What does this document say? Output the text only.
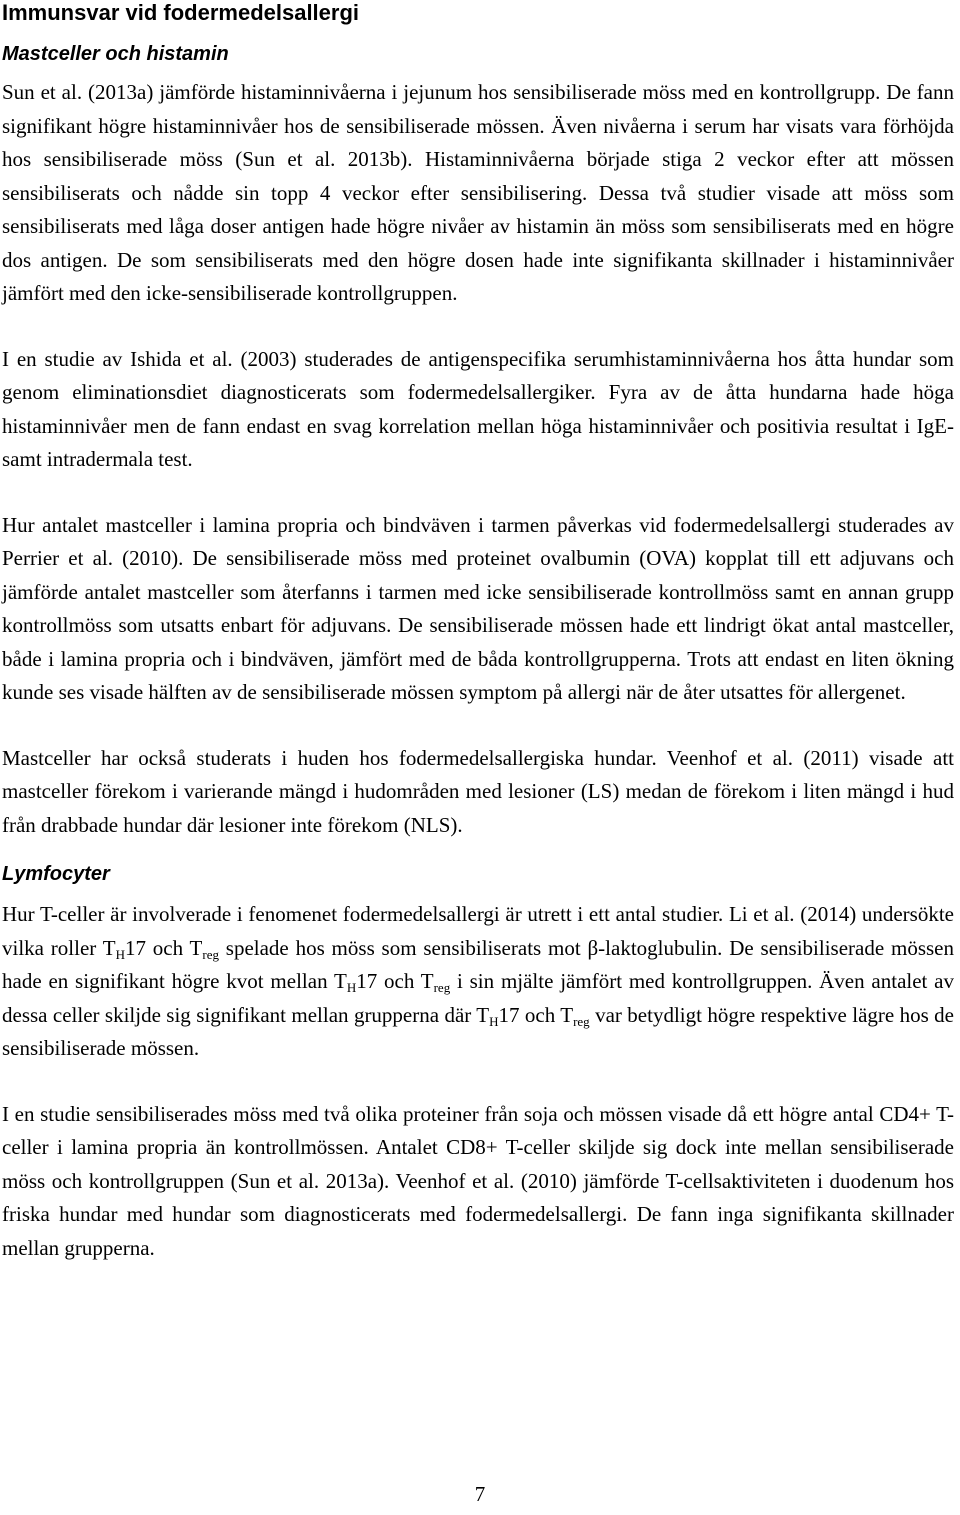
Immunsvar vid fodermedelsallergi
Mastceller och histamin

Sun et al. (2013a) jämförde histaminnivåerna i jejunum hos sensibiliserade möss med en kontrollgrupp. De fann signifikant högre histaminnivåer hos de sensibiliserade mössen. Även nivåerna i serum har visats vara förhöjda hos sensibiliserade möss (Sun et al. 2013b). Histaminnivåerna började stiga 2 veckor efter att mössen sensibiliserats och nådde sin topp 4 veckor efter sensibilisering. Dessa två studier visade att möss som sensibiliserats med låga doser antigen hade högre nivåer av histamin än möss som sensibiliserats med en högre dos antigen. De som sensibiliserats med den högre dosen hade inte signifikanta skillnader i histaminnivåer jämfört med den icke-sensibiliserade kontrollgruppen.

I en studie av Ishida et al. (2003) studerades de antigenspecifika serumhistaminnivåerna hos åtta hundar som genom eliminationsdiet diagnosticerats som fodermedelsallergiker. Fyra av de åtta hundarna hade höga histaminnivåer men de fann endast en svag korrelation mellan höga histaminnivåer och positivia resultat i IgE- samt intradermala test.

Hur antalet mastceller i lamina propria och bindväven i tarmen påverkas vid fodermedelsallergi studerades av Perrier et al. (2010). De sensibiliserade möss med proteinet ovalbumin (OVA) kopplat till ett adjuvans och jämförde antalet mastceller som återfanns i tarmen med icke sensibiliserade kontrollmöss samt en annan grupp kontrollmöss som utsatts enbart för adjuvans. De sensibiliserade mössen hade ett lindrigt ökat antal mastceller, både i lamina propria och i bindväven, jämfört med de båda kontrollgrupperna. Trots att endast en liten ökning kunde ses visade hälften av de sensibiliserade mössen symptom på allergi när de åter utsattes för allergenet.

Mastceller har också studerats i huden hos fodermedelsallergiska hundar. Veenhof et al. (2011) visade att mastceller förekom i varierande mängd i hudområden med lesioner (LS) medan de förekom i liten mängd i hud från drabbade hundar där lesioner inte förekom (NLS).

Lymfocyter

Hur T-celler är involverade i fenomenet fodermedelsallergi är utrett i ett antal studier. Li et al. (2014) undersökte vilka roller TH17 och Treg spelade hos möss som sensibiliserats mot β-laktoglubulin. De sensibiliserade mössen hade en signifikant högre kvot mellan TH17 och Treg i sin mjälte jämfört med kontrollgruppen. Även antalet av dessa celler skiljde sig signifikant mellan grupperna där TH17 och Treg var betydligt högre respektive lägre hos de sensibiliserade mössen.

I en studie sensibiliserades möss med två olika proteiner från soja och mössen visade då ett högre antal CD4+ T-celler i lamina propria än kontrollmössen. Antalet CD8+ T-celler skiljde sig dock inte mellan sensibiliserade möss och kontrollgruppen (Sun et al. 2013a). Veenhof et al. (2010) jämförde T-cellsaktiviteten i duodenum hos friska hundar med hundar som diagnosticerats med fodermedelsallergi. De fann inga signifikanta skillnader mellan grupperna.

7
